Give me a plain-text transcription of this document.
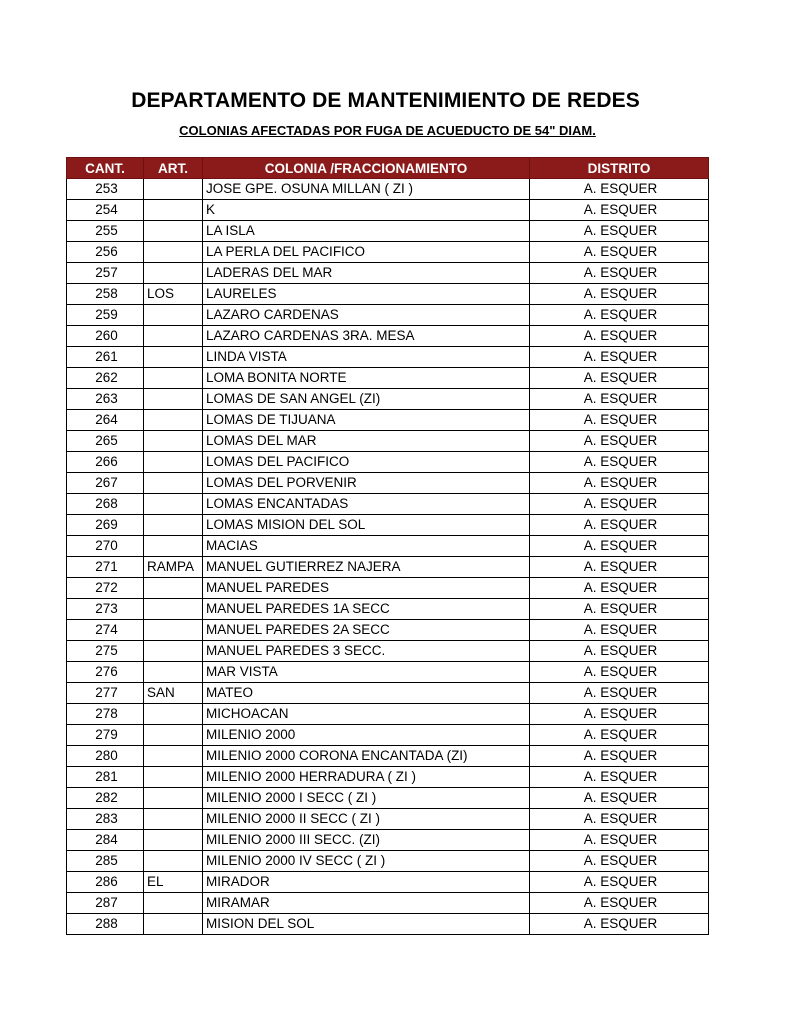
DEPARTAMENTO DE MANTENIMIENTO DE REDES
COLONIAS AFECTADAS POR FUGA DE ACUEDUCTO DE 54" DIAM.
CANT.	ART.	COLONIA /FRACCIONAMIENTO	DISTRITO
253		JOSE GPE. OSUNA MILLAN ( ZI )	A. ESQUER
254		K	A. ESQUER
255		LA ISLA	A. ESQUER
256		LA PERLA DEL PACIFICO	A. ESQUER
257		LADERAS DEL MAR	A. ESQUER
258	LOS	LAURELES	A. ESQUER
259		LAZARO CARDENAS	A. ESQUER
260		LAZARO CARDENAS 3RA. MESA	A. ESQUER
261		LINDA VISTA	A. ESQUER
262		LOMA BONITA NORTE	A. ESQUER
263		LOMAS DE SAN ANGEL (ZI)	A. ESQUER
264		LOMAS DE TIJUANA	A. ESQUER
265		LOMAS DEL MAR	A. ESQUER
266		LOMAS DEL PACIFICO	A. ESQUER
267		LOMAS DEL PORVENIR	A. ESQUER
268		LOMAS ENCANTADAS	A. ESQUER
269		LOMAS MISION DEL SOL	A. ESQUER
270		MACIAS	A. ESQUER
271	RAMPA	MANUEL GUTIERREZ NAJERA	A. ESQUER
272		MANUEL PAREDES	A. ESQUER
273		MANUEL PAREDES 1A SECC	A. ESQUER
274		MANUEL PAREDES 2A SECC	A. ESQUER
275		MANUEL PAREDES 3 SECC.	A. ESQUER
276		MAR VISTA	A. ESQUER
277	SAN	MATEO	A. ESQUER
278		MICHOACAN	A. ESQUER
279		MILENIO 2000	A. ESQUER
280		MILENIO 2000 CORONA ENCANTADA (ZI)	A. ESQUER
281		MILENIO 2000 HERRADURA ( ZI )	A. ESQUER
282		MILENIO 2000 I SECC ( ZI )	A. ESQUER
283		MILENIO 2000 II SECC ( ZI )	A. ESQUER
284		MILENIO 2000 III SECC. (ZI)	A. ESQUER
285		MILENIO 2000 IV SECC ( ZI )	A. ESQUER
286	EL	MIRADOR	A. ESQUER
287		MIRAMAR	A. ESQUER
288		MISION DEL SOL	A. ESQUER
